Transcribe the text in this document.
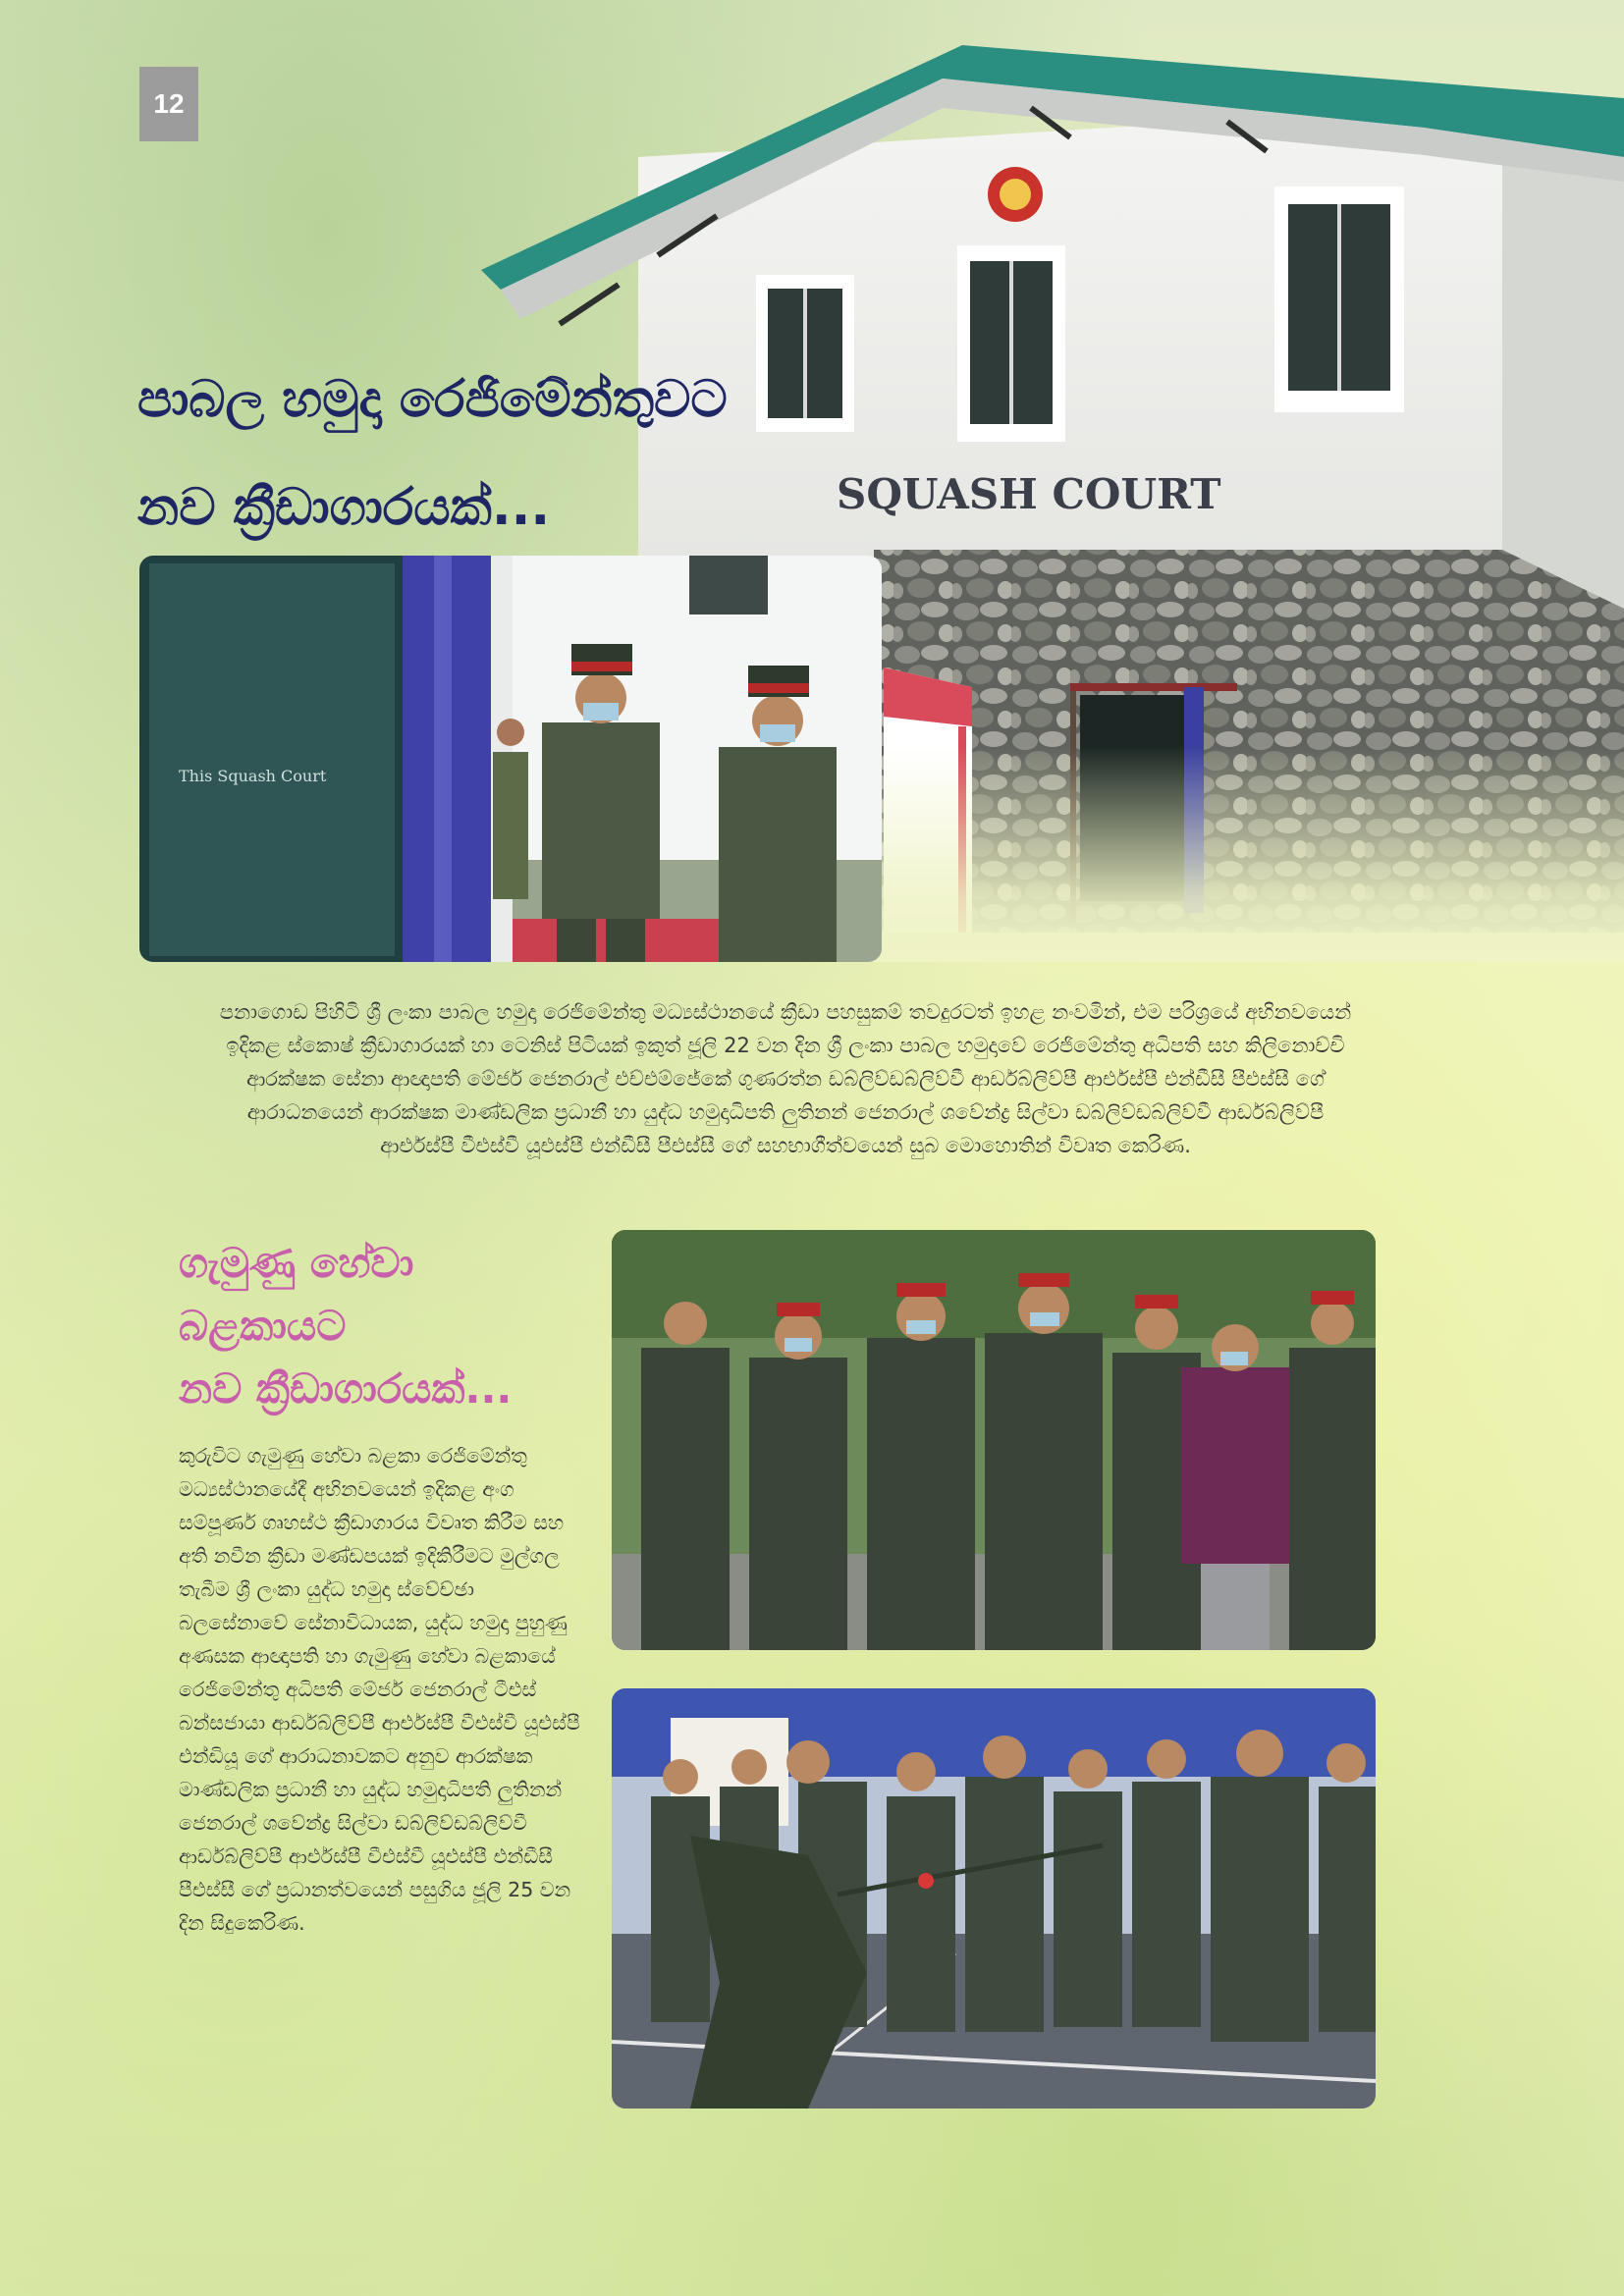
SQUASH COURT
12
පාබල හමුදා රෙජිමේන්තුවට
නව ක්‍රීඩාගාරයක්...
This Squash Court
පනාගොඩ පිහිටි ශ්‍රී ලංකා පාබල හමුදා රෙජිමේන්තු මධ්‍යස්ථානයේ ක්‍රීඩා පහසුකම් තවදුරටත් ඉහළ නංවමින්, එම පරිශ්‍රයේ අභිනවයෙන් ඉදිකළ ස්කොෂ් ක්‍රීඩාගාරයක් හා ටෙනිස් පිටියක් ඉකුත් ජූලි 22 වන දින ශ්‍රී ලංකා පාබල හමුදාවේ රෙජිමේන්තු අධිපති සහ කිලිනොච්චි ආරක්ෂක සේනා ආඥාපති මේජර් ජෙනරාල් එච්එම්ජේකේ ගුණරත්න ඩබ්ලිව්ඩබ්ලිව්වී ආර්ඩබ්ලිව්පී ආර්එස්පී එන්ඩීසී පීඑස්සී ගේ ආරාධනයෙන් ආරක්ෂක මාණ්ඩලික ප්‍රධානී හා යුද්ධ හමුදාධිපති ලුතිනන් ජෙනරාල් ශවේන්ද්‍ර සිල්වා ඩබ්ලිව්ඩබ්ලිව්වී ආර්ඩබ්ලිව්පී ආර්එස්පී වීඑස්වී යූඑස්පී එන්ඩීසී පීඑස්සී ගේ සහභාගීත්වයෙන් සුබ මොහොතින් විවෘත කෙරිණ.
ගැමුණු හේවා
බළකායට
නව ක්‍රීඩාගාරයක්...
කුරුවිට ගැමුණු හේවා බළකා රෙජිමේන්තු මධ්‍යස්ථානයේදී අභිනවයෙන් ඉදිකළ අංග සම්පූර්ණ ගෘහස්ථ ක්‍රීඩාගාරය විවෘත කිරීම සහ අති නවීන ක්‍රීඩා මණ්ඩපයක් ඉදිකිරීමට මුල්ගල තැබීම ශ්‍රී ලංකා යුද්ධ හමුදා ස්වේච්ඡා බලසේනාවේ සේනාවිධායක, යුද්ධ හමුදා පුහුණු අණසක ආඥාපති හා ගැමුණු හේවා බළකායේ රෙජිමේන්තු අධිපති මේජර් ජෙනරාල් ටීඑස් බන්සජායා ආර්ඩබ්ලිව්පී ආර්එස්පී වීඑස්වී යූඑස්පී එන්ඩියූ ගේ ආරාධනාවකට අනුව ආරක්ෂක මාණ්ඩලික ප්‍රධානී හා යුද්ධ හමුදාධිපති ලුතිනන් ජෙනරාල් ශවේන්ද්‍ර සිල්වා ඩබ්ලිව්ඩබ්ලිව්වී ආර්ඩබ්ලිව්පී ආර්එස්පී වීඑස්වී යූඑස්පී එන්ඩීසී පීඑස්සී ගේ ප්‍රධානත්වයෙන් පසුගිය ජූලි 25 වන දින සිදුකෙරිණ.
